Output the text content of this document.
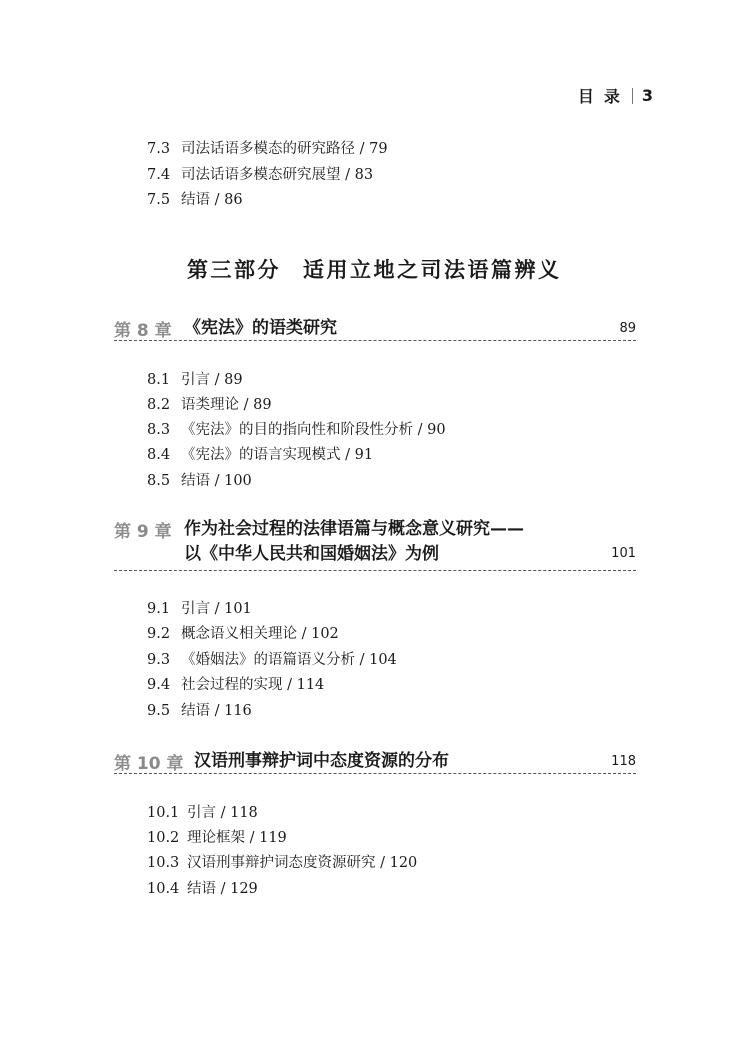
目录 3
7.3 司法话语多模态的研究路径 / 79
7.4 司法话语多模态研究展望 / 83
7.5 结语 / 86
第三部分 适用立地之司法语篇辨义
第 8 章 《宪法》的语类研究	89
8.1 引言 / 89
8.2 语类理论 / 89
8.3 《宪法》的目的指向性和阶段性分析 / 90
8.4 《宪法》的语言实现模式 / 91
8.5 结语 / 100
第 9 章 作为社会过程的法律语篇与概念意义研究——
以《中华人民共和国婚姻法》为例	101
9.1 引言 / 101
9.2 概念语义相关理论 / 102
9.3 《婚姻法》的语篇语义分析 / 104
9.4 社会过程的实现 / 114
9.5 结语 / 116
第 10 章 汉语刑事辩护词中态度资源的分布	118
10.1 引言 / 118
10.2 理论框架 / 119
10.3 汉语刑事辩护词态度资源研究 / 120
10.4 结语 / 129
